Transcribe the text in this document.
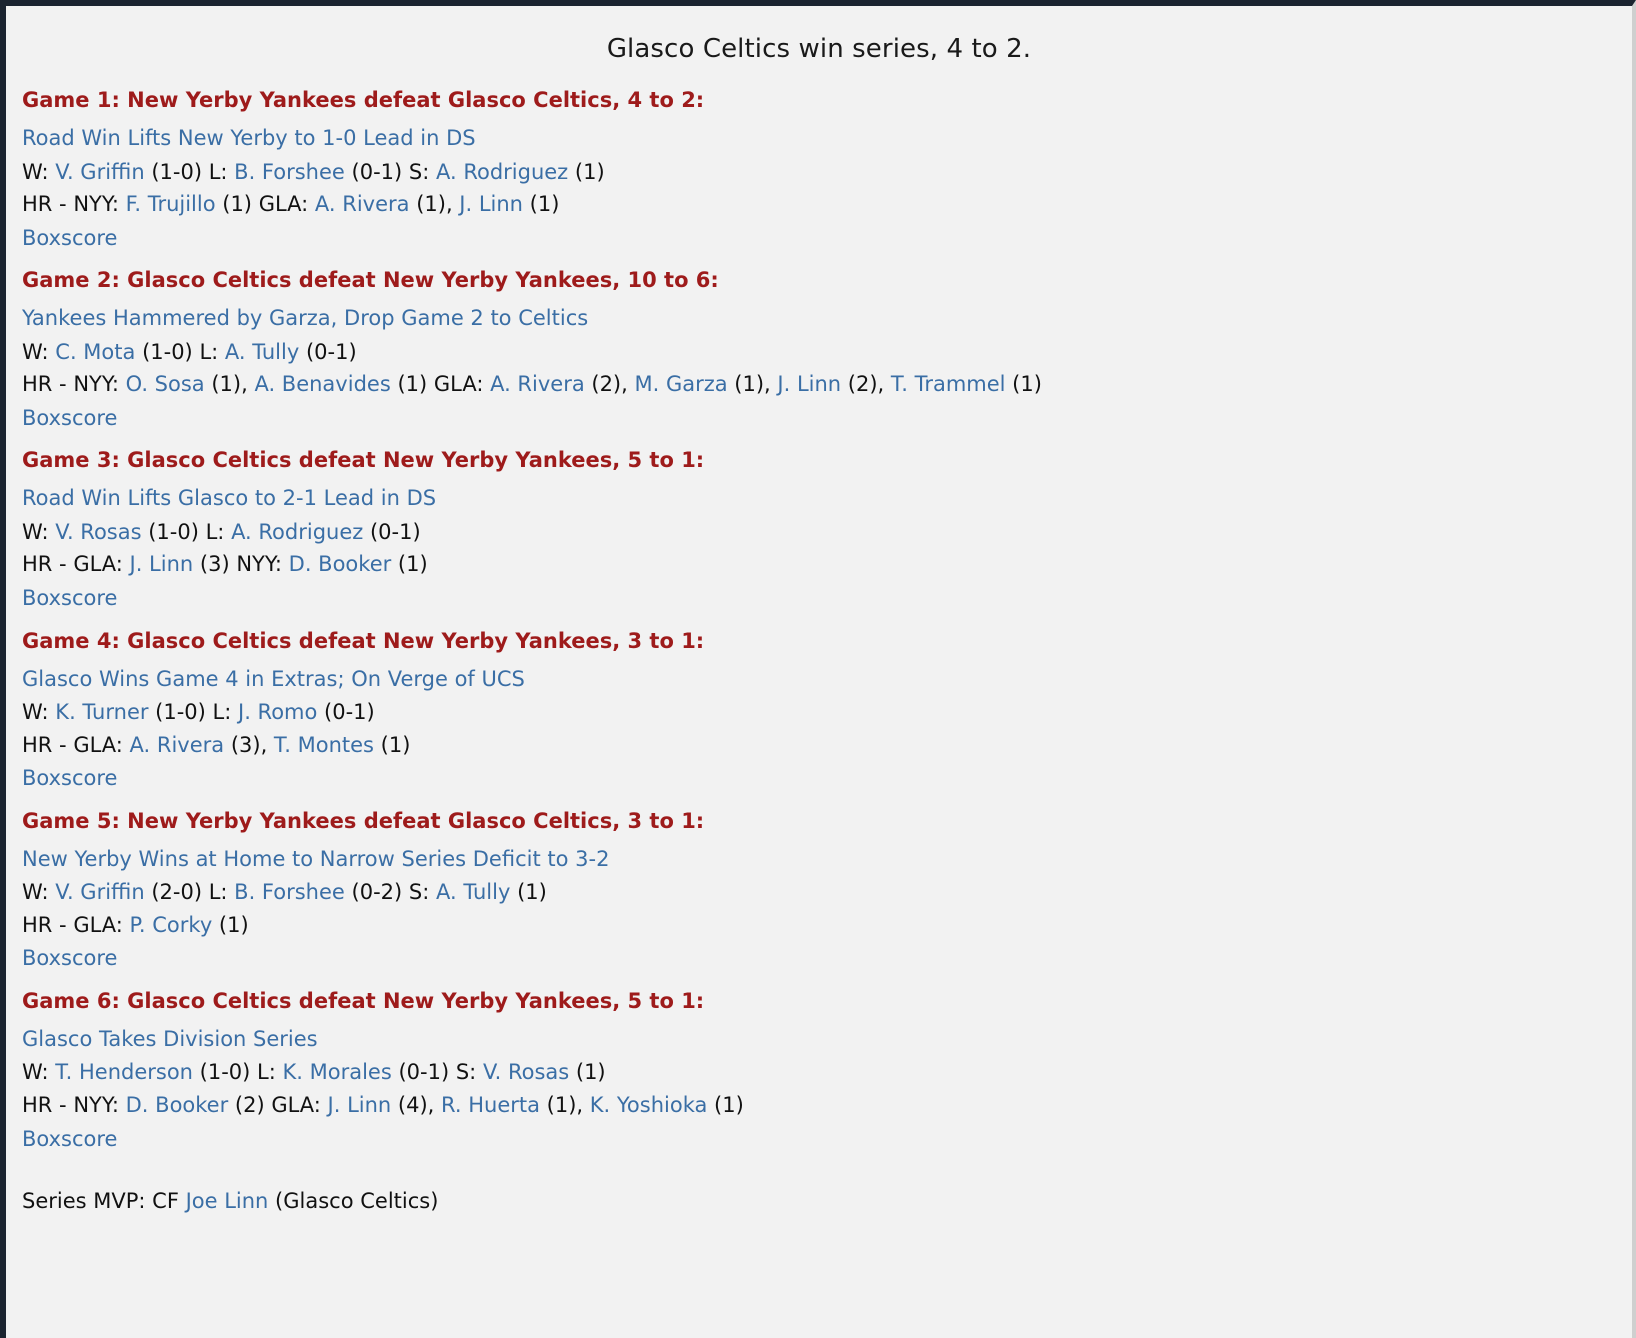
Glasco Celtics win series, 4 to 2.
Game 1: New Yerby Yankees defeat Glasco Celtics, 4 to 2:
Road Win Lifts New Yerby to 1-0 Lead in DS
W: V. Griffin (1-0) L: B. Forshee (0-1) S: A. Rodriguez (1)
HR - NYY: F. Trujillo (1) GLA: A. Rivera (1), J. Linn (1)
Boxscore
Game 2: Glasco Celtics defeat New Yerby Yankees, 10 to 6:
Yankees Hammered by Garza, Drop Game 2 to Celtics
W: C. Mota (1-0) L: A. Tully (0-1)
HR - NYY: O. Sosa (1), A. Benavides (1) GLA: A. Rivera (2), M. Garza (1), J. Linn (2), T. Trammel (1)
Boxscore
Game 3: Glasco Celtics defeat New Yerby Yankees, 5 to 1:
Road Win Lifts Glasco to 2-1 Lead in DS
W: V. Rosas (1-0) L: A. Rodriguez (0-1)
HR - GLA: J. Linn (3) NYY: D. Booker (1)
Boxscore
Game 4: Glasco Celtics defeat New Yerby Yankees, 3 to 1:
Glasco Wins Game 4 in Extras; On Verge of UCS
W: K. Turner (1-0) L: J. Romo (0-1)
HR - GLA: A. Rivera (3), T. Montes (1)
Boxscore
Game 5: New Yerby Yankees defeat Glasco Celtics, 3 to 1:
New Yerby Wins at Home to Narrow Series Deficit to 3-2
W: V. Griffin (2-0) L: B. Forshee (0-2) S: A. Tully (1)
HR - GLA: P. Corky (1)
Boxscore
Game 6: Glasco Celtics defeat New Yerby Yankees, 5 to 1:
Glasco Takes Division Series
W: T. Henderson (1-0) L: K. Morales (0-1) S: V. Rosas (1)
HR - NYY: D. Booker (2) GLA: J. Linn (4), R. Huerta (1), K. Yoshioka (1)
Boxscore
Series MVP: CF Joe Linn (Glasco Celtics)
